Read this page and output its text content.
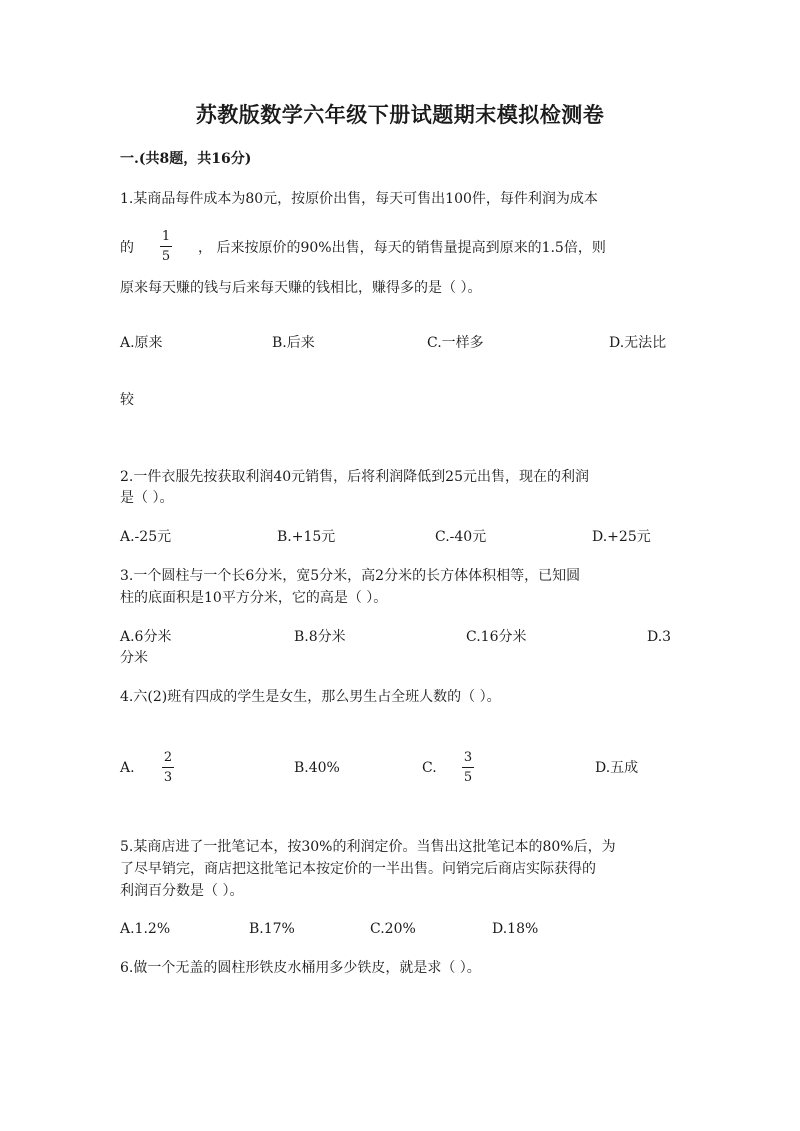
苏教版数学六年级下册试题期末模拟检测卷
一.(共8题，共16分)
1.某商品每件成本为80元，按原价出售，每天可售出100件，每件利润为成本
的
1
5
， 后来按原价的90%出售，每天的销售量提高到原来的1.5倍，则
原来每天赚的钱与后来每天赚的钱相比，赚得多的是（ ）。
A.原来	B.后来	C.一样多	D.无法比
较
2.一件衣服先按获取利润40元销售，后将利润降低到25元出售，现在的利润
是（ ）。
A.-25元	B.+15元	C.-40元	D.+25元
3.一个圆柱与一个长6分米，宽5分米，高2分米的长方体体积相等，已知圆
柱的底面积是10平方分米，它的高是（ ）。
A.6分米	B.8分米	C.16分米	D.3
分米
4.六(2)班有四成的学生是女生，那么男生占全班人数的（ ）。
A.
2
3
B.40%	C.
3
5
D.五成
5.某商店进了一批笔记本，按30%的利润定价。当售出这批笔记本的80%后，为
了尽早销完，商店把这批笔记本按定价的一半出售。问销完后商店实际获得的
利润百分数是（ ）。
A.1.2%	B.17%	C.20%	D.18%
6.做一个无盖的圆柱形铁皮水桶用多少铁皮，就是求（ ）。
